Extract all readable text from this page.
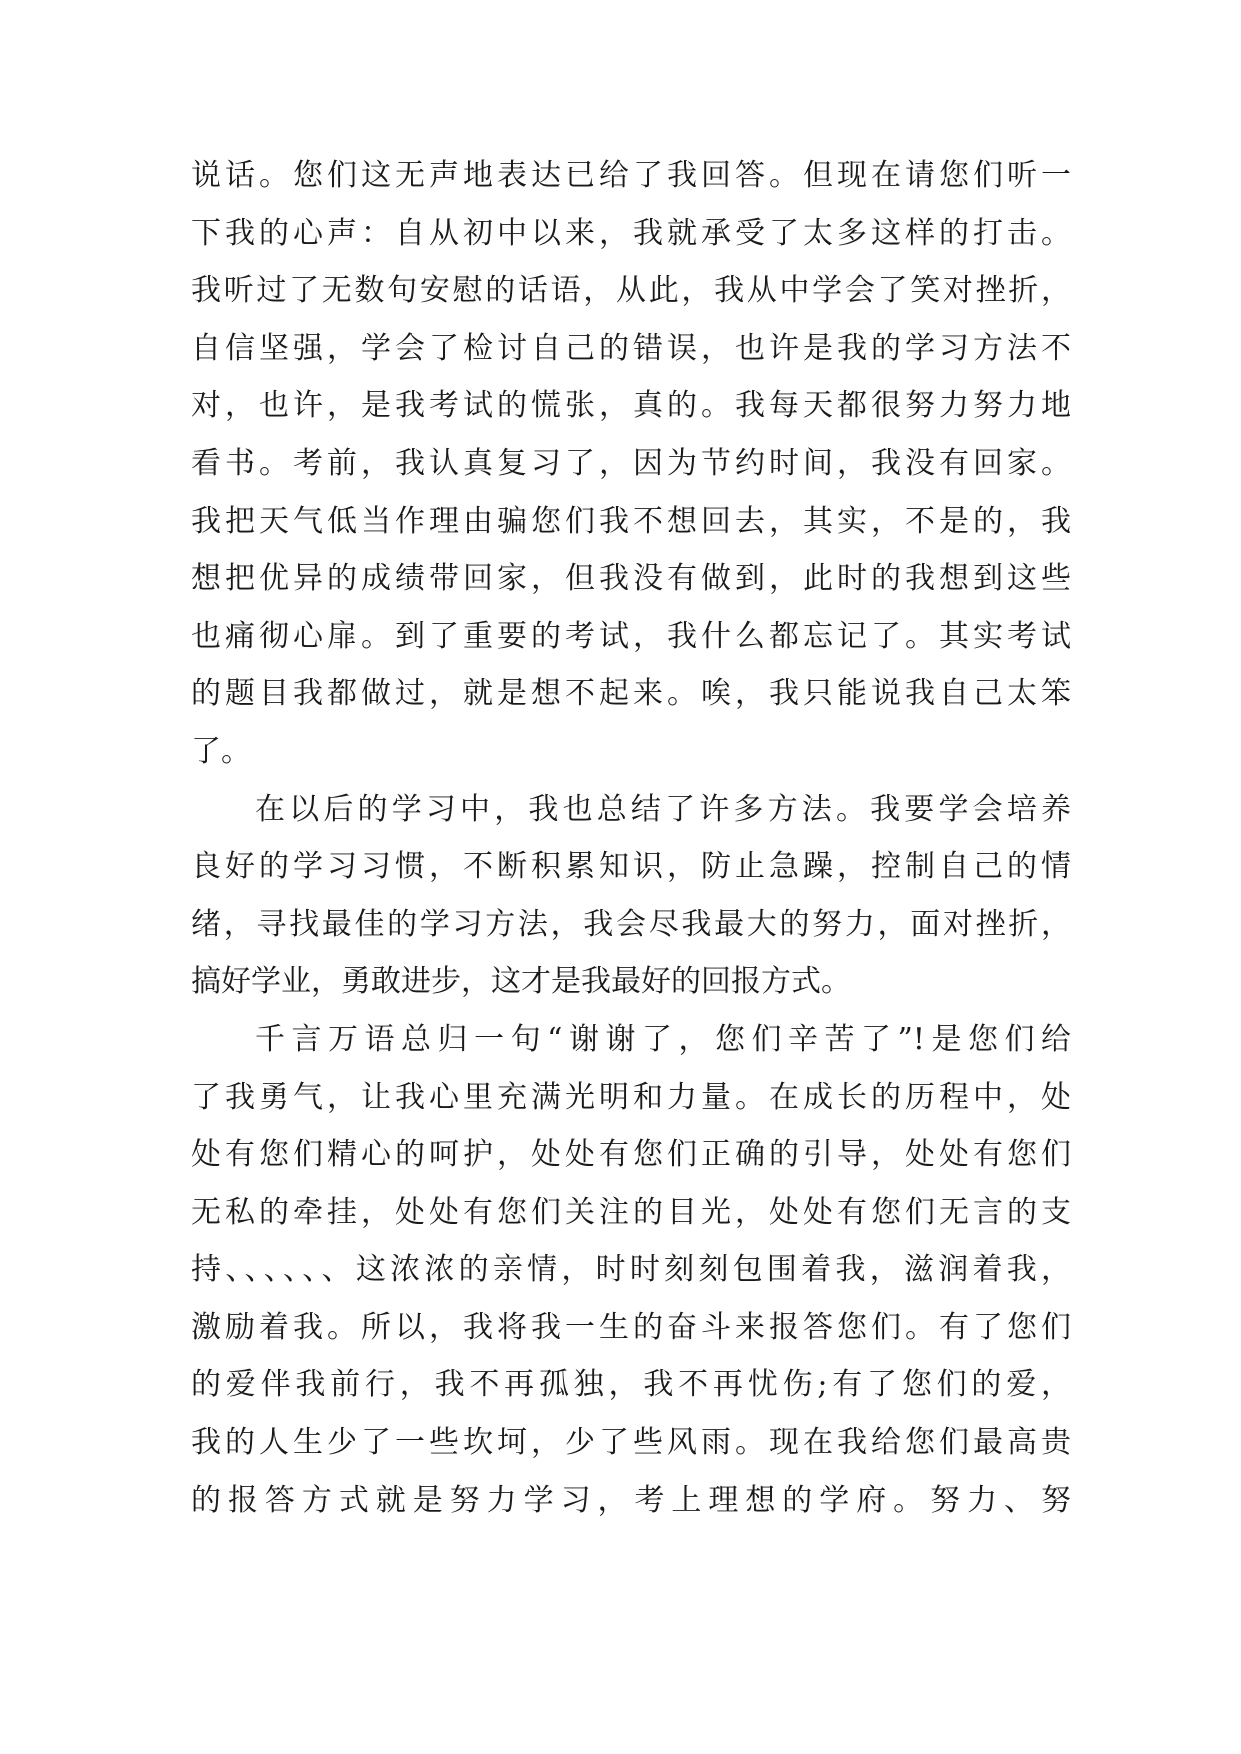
说话。您们这无声地表达已给了我回答。但现在请您们听一
下我的心声：自从初中以来，我就承受了太多这样的打击。
我听过了无数句安慰的话语，从此，我从中学会了笑对挫折，
自信坚强，学会了检讨自己的错误，也许是我的学习方法不
对，也许，是我考试的慌张，真的。我每天都很努力努力地
看书。考前，我认真复习了，因为节约时间，我没有回家。
我把天气低当作理由骗您们我不想回去，其实，不是的，我
想把优异的成绩带回家，但我没有做到，此时的我想到这些
也痛彻心扉。到了重要的考试，我什么都忘记了。其实考试
的题目我都做过，就是想不起来。唉，我只能说我自己太笨
了。
在以后的学习中，我也总结了许多方法。我要学会培养
良好的学习习惯，不断积累知识，防止急躁，控制自己的情
绪，寻找最佳的学习方法，我会尽我最大的努力，面对挫折，
搞好学业，勇敢进步，这才是我最好的回报方式。
千言万语总归一句“谢谢了，您们辛苦了”!是您们给
了我勇气，让我心里充满光明和力量。在成长的历程中，处
处有您们精心的呵护，处处有您们正确的引导，处处有您们
无私的牵挂，处处有您们关注的目光，处处有您们无言的支
持、、、、、、这浓浓的亲情，时时刻刻包围着我，滋润着我，
激励着我。所以，我将我一生的奋斗来报答您们。有了您们
的爱伴我前行，我不再孤独，我不再忧伤;有了您们的爱，
我的人生少了一些坎坷，少了些风雨。现在我给您们最高贵
的报答方式就是努力学习，考上理想的学府。努力、努
